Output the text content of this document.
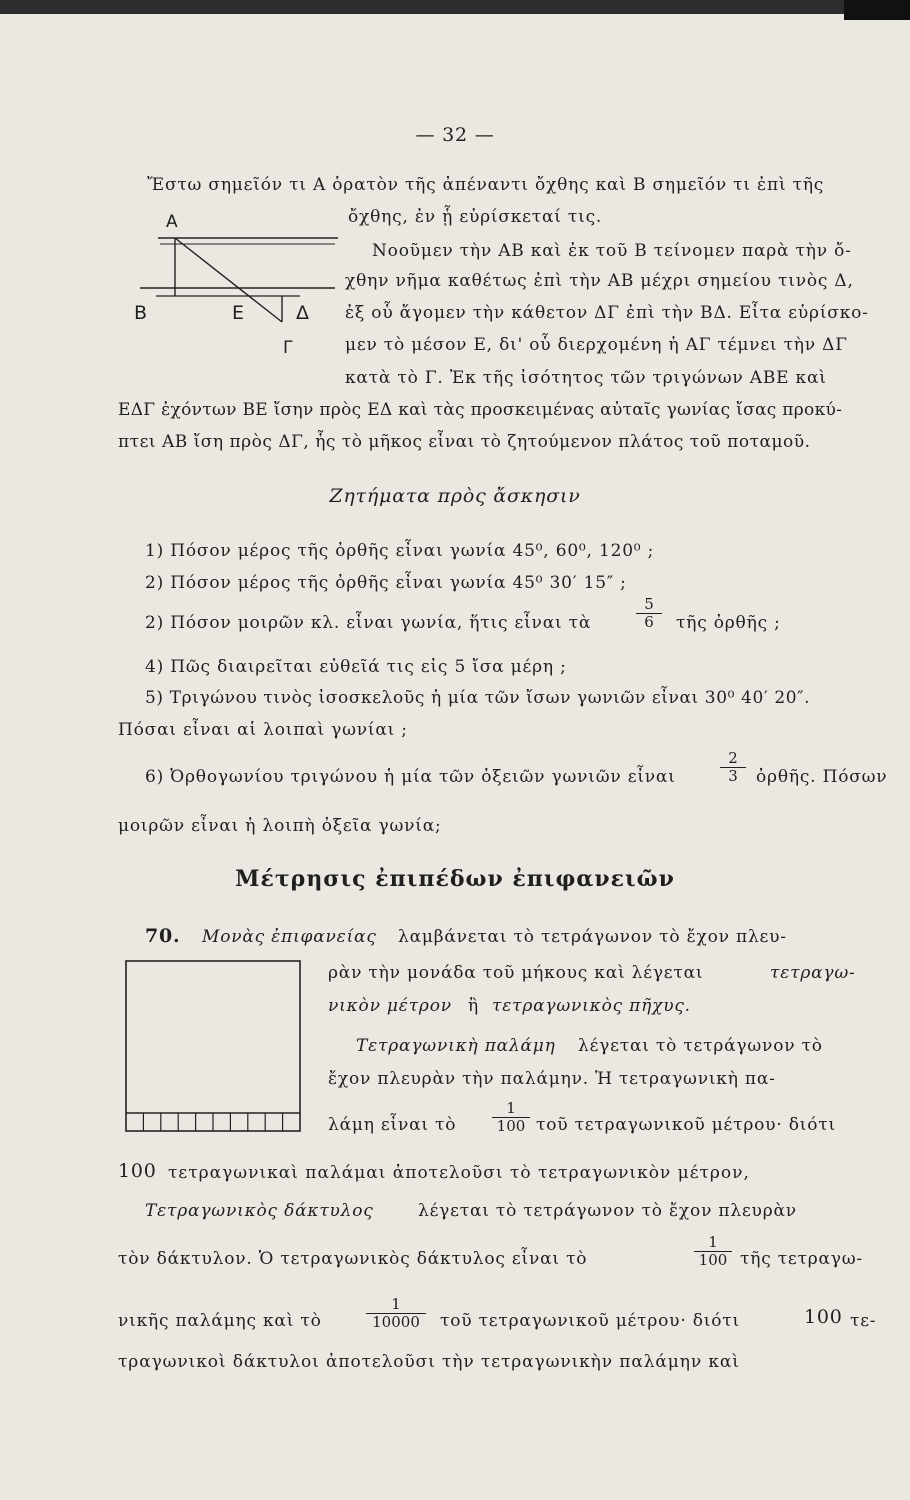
— 32 —
Ἔστω σημεῖόν τι Α ὁρατὸν τῆς ἀπέναντι ὄχθης καὶ Β σημεῖόν τι ἐπὶ τῆς
ὄχθης, ἐν ᾗ εὑρίσκεταί τις.
Α
Β	Ε	Δ
Γ
Νοοῦμεν τὴν ΑΒ καὶ ἐκ τοῦ Β τείνομεν παρὰ τὴν ὄ-
χθην νῆμα καθέτως ἐπὶ τὴν ΑΒ μέχρι σημείου τινὸς Δ,
ἐξ οὗ ἄγομεν τὴν κάθετον ΔΓ ἐπὶ τὴν ΒΔ. Εἶτα εὑρίσκο-
μεν τὸ μέσον Ε, δι' οὗ διερχομένη ἡ ΑΓ τέμνει τὴν ΔΓ
κατὰ τὸ Γ. Ἐκ τῆς ἰσότητος τῶν τριγώνων ΑΒΕ καὶ
ΕΔΓ ἐχόντων ΒΕ ἴσην πρὸς ΕΔ καὶ τὰς προσκειμένας αὐταῖς γωνίας ἴσας προκύ-
πτει ΑΒ ἴση πρὸς ΔΓ, ἧς τὸ μῆκος εἶναι τὸ ζητούμενον πλάτος τοῦ ποταμοῦ.
Ζητήματα πρὸς ἄσκησιν
1) Πόσον μέρος τῆς ὀρθῆς εἶναι γωνία 45⁰, 60⁰, 120⁰ ;
2) Πόσον μέρος τῆς ὀρθῆς εἶναι γωνία 45⁰ 30′ 15″ ;
2) Πόσον μοιρῶν κλ. εἶναι γωνία, ἥτις εἶναι τὰ
5
6	τῆς ὀρθῆς ;
4) Πῶς διαιρεῖται εὐθεῖά τις εἰς 5 ἴσα μέρη ;
5) Τριγώνου τινὸς ἰσοσκελοῦς ἡ μία τῶν ἴσων γωνιῶν εἶναι 30⁰ 40′ 20″.
Πόσαι εἶναι αἱ λοιπαὶ γωνίαι ;
6) Ὀρθογωνίου τριγώνου ἡ μία τῶν ὀξειῶν γωνιῶν εἶναι
2
3	ὀρθῆς. Πόσων
μοιρῶν εἶναι ἡ λοιπὴ ὀξεῖα γωνία;
Μέτρησις ἐπιπέδων ἐπιφανειῶν
70. Μονὰς ἐπιφανείας λαμβάνεται τὸ τετράγωνον τὸ ἔχον πλευ-
ρὰν τὴν μονάδα τοῦ μήκους καὶ λέγεται	τετραγω-
νικὸν μέτρον ἢ τετραγωνικὸς πῆχυς.
Τετραγωνικὴ παλάμη λέγεται τὸ τετράγωνον τὸ
ἔχον πλευρὰν τὴν παλάμην. Ἡ τετραγωνικὴ πα-
λάμη εἶναι τὸ
1
100 τοῦ τετραγωνικοῦ μέτρου· διότι
100 τετραγωνικαὶ παλάμαι ἀποτελοῦσι τὸ τετραγωνικὸν μέτρον,
Τετραγωνικὸς δάκτυλος	λέγεται τὸ τετράγωνον τὸ ἔχον πλευρὰν
τὸν δάκτυλον. Ὁ τετραγωνικὸς δάκτυλος εἶναι τὸ
1
100 τῆς τετραγω-
νικῆς παλάμης καὶ τὸ
1
10000	τοῦ τετραγωνικοῦ μέτρου· διότι	100 τε-
τραγωνικοὶ δάκτυλοι ἀποτελοῦσι τὴν τετραγωνικὴν παλάμην καὶ
